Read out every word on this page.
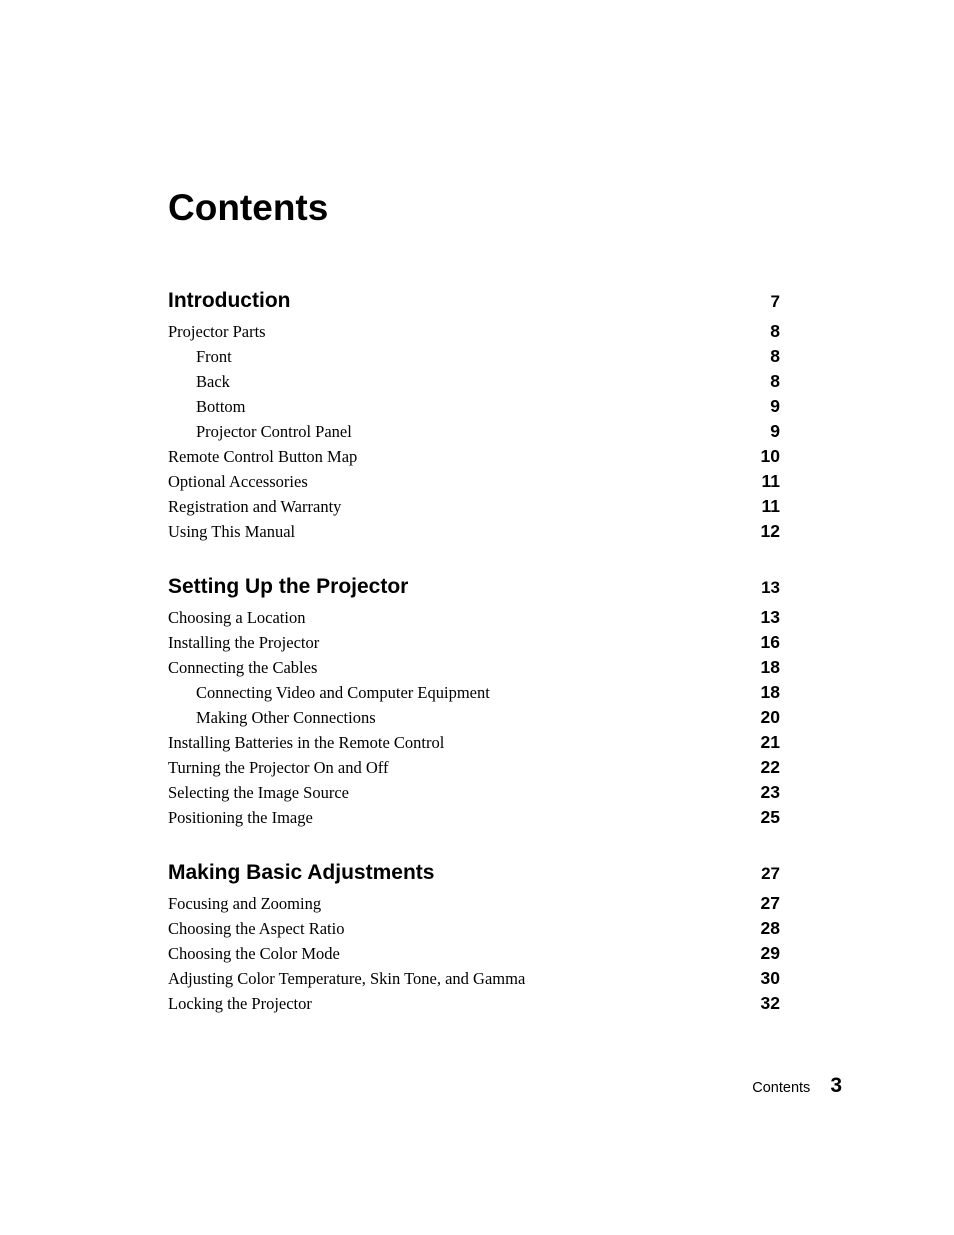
Contents
Introduction	7
Projector Parts	8
Front	8
Back	8
Bottom	9
Projector Control Panel	9
Remote Control Button Map	10
Optional Accessories	11
Registration and Warranty	11
Using This Manual	12
Setting Up the Projector	13
Choosing a Location	13
Installing the Projector	16
Connecting the Cables	18
Connecting Video and Computer Equipment	18
Making Other Connections	20
Installing Batteries in the Remote Control	21
Turning the Projector On and Off	22
Selecting the Image Source	23
Positioning the Image	25
Making Basic Adjustments	27
Focusing and Zooming	27
Choosing the Aspect Ratio	28
Choosing the Color Mode	29
Adjusting Color Temperature, Skin Tone, and Gamma	30
Locking the Projector	32
Contents 3
